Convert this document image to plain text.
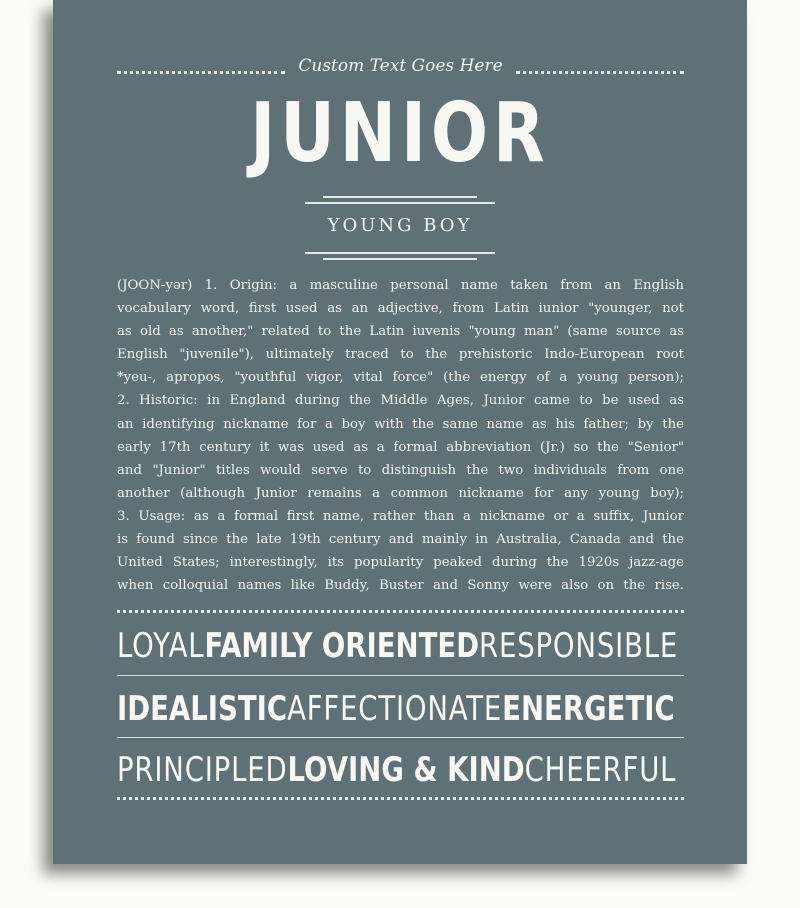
Custom Text Goes Here
JUNIOR
YOUNG BOY
(JOON-yər) 1. Origin: a masculine personal name taken from an English
vocabulary word, first used as an adjective, from Latin iunior "younger, not
as old as another," related to the Latin iuvenis "young man" (same source as
English "juvenile"), ultimately traced to the prehistoric Indo-European root
*yeu-, apropos, "youthful vigor, vital force" (the energy of a young person);
2. Historic: in England during the Middle Ages, Junior came to be used as
an identifying nickname for a boy with the same name as his father; by the
early 17th century it was used as a formal abbreviation (Jr.) so the "Senior"
and "Junior" titles would serve to distinguish the two individuals from one
another (although Junior remains a common nickname for any young boy);
3. Usage: as a formal first name, rather than a nickname or a suffix, Junior
is found since the late 19th century and mainly in Australia, Canada and the
United States; interestingly, its popularity peaked during the 1920s jazz-age
when colloquial names like Buddy, Buster and Sonny were also on the rise.
LOYAL FAMILY ORIENTED RESPONSIBLE
IDEALISTIC AFFECTIONATE ENERGETIC
PRINCIPLED LOVING & KIND CHEERFUL
